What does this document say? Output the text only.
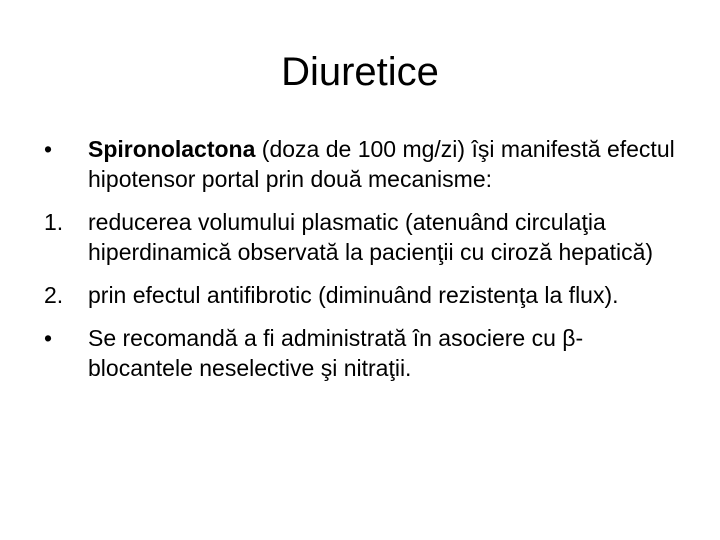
Diuretice
• Spironolactona (doza de 100 mg/zi) îşi manifestă efectul hipotensor portal prin două mecanisme:
1. reducerea volumului plasmatic (atenuând circulaţia hiperdinamică observată la pacienţii cu ciroză hepatică)
2. prin efectul antifibrotic (diminuând rezistenţa la flux).
• Se recomandă a fi administrată în asociere cu β-blocantele neselective şi nitraţii.
